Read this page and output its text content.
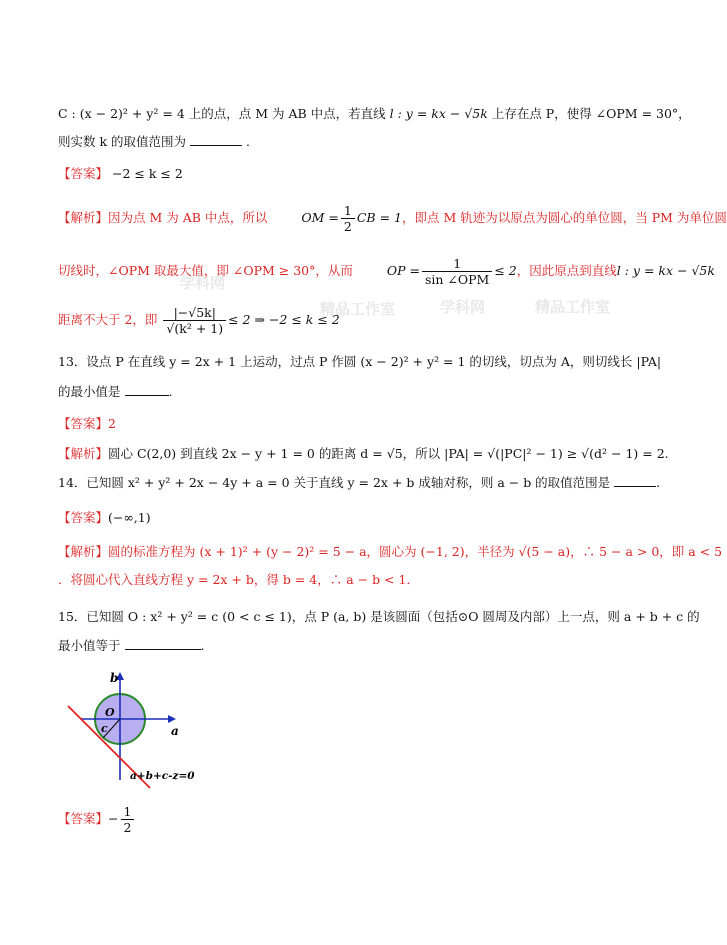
学科网
精品工作室	学科网	精品工作室
C : (x − 2)² + y² = 4 上的点，点 M 为 AB 中点，若直线 l : y = kx − √5k 上存在点 P，使得 ∠OPM = 30°，
则实数 k 的取值范围为	.
【答案】 −2 ≤ k ≤ 2
【解析】因为点 M 为 AB 中点，所以	OM = $\frac{1}{2}$ CB = 1，即点 M 轨迹为以原点为圆心的单位圆，当 PM 为单位圆
切线时，∠OPM 取最大值，即 ∠OPM ≥ 30°，从而	OP = $\frac{1}{\text{sin ∠OPM}} \le 2$，因此原点到直线l : y = kx − √5k
距离不大于 2，即 $\frac{|-√5k|}{\text{√(k² + 1)}} \le 2$ ⇒ −2 ≤ k ≤ 2
13．设点 P 在直线 y = 2x + 1 上运动，过点 P 作圆 (x − 2)² + y² = 1 的切线，切点为 A，则切线长 |PA|
的最小值是	.
【答案】2
【解析】圆心 C(2,0) 到直线 2x − y + 1 = 0 的距离 d = √5，所以 |PA| = √(|PC|² − 1) ≥ √(d² − 1) = 2.
14．已知圆 x² + y² + 2x − 4y + a = 0 关于直线 y = 2x + b 成轴对称，则 a − b 的取值范围是	.
【答案】(−∞,1)
【解析】圆的标准方程为 (x + 1)² + (y − 2)² = 5 − a，圆心为 (−1, 2)，半径为 √(5 − a)，∴ 5 − a > 0，即 a < 5
．将圆心代入直线方程 y = 2x + b，得 b = 4，∴ a − b < 1．
15．已知圆 O : x² + y² = c (0 < c ≤ 1)，点 P (a, b) 是该圆面（包括⊙O 圆周及内部）上一点，则 a + b + c 的
最小值等于	.
b
a
O
c
a+b+c-z=0
【答案】− $\frac{1}{2}$
